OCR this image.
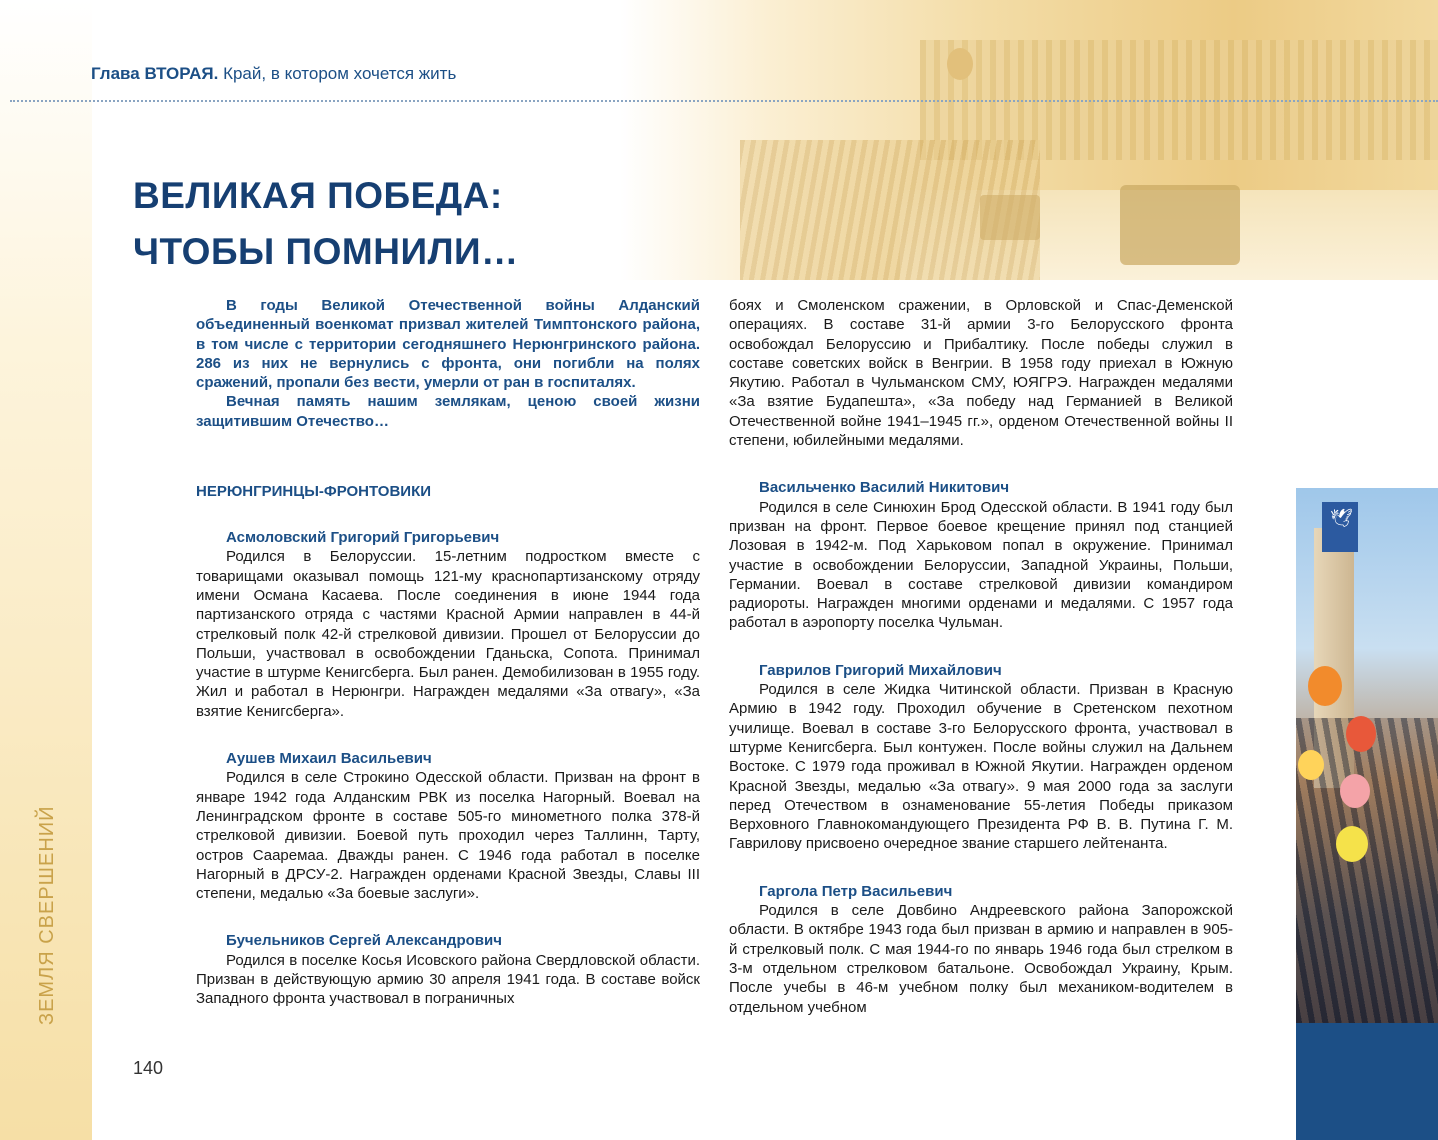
ЗЕМЛЯ СВЕРШЕНИЙ
140
Глава ВТОРАЯ. Край, в котором хочется жить
ВЕЛИКАЯ ПОБЕДА:
ЧТОБЫ ПОМНИЛИ…

В годы Великой Отечественной войны Алданский объединенный военкомат призвал жителей Тимптонского района, в том числе с территории сегодняшнего Нерюнгринского района. 286 из них не вернулись с фронта, они погибли на полях сражений, пропали без вести, умерли от ран в госпиталях.

Вечная память нашим землякам, ценою своей жизни защитившим Отечество…

НЕРЮНГРИНЦЫ-ФРОНТОВИКИ
Асмоловский Григорий Григорьевич

Родился в Белоруссии. 15-летним подростком вместе с товарищами оказывал помощь 121-му краснопартизанскому отряду имени Османа Касаева. После соединения в июне 1944 года партизанского отряда с частями Красной Армии направлен в 44-й стрелковый полк 42-й стрелковой дивизии. Прошел от Белоруссии до Польши, участвовал в освобождении Гданьска, Сопота. Принимал участие в штурме Кенигсберга. Был ранен. Демобилизован в 1955 году. Жил и работал в Нерюнгри. Награжден медалями «За отвагу», «За взятие Кенигсберга».

Аушев Михаил Васильевич

Родился в селе Строкино Одесской области. Призван на фронт в январе 1942 года Алданским РВК из поселка Нагорный. Воевал на Ленинградском фронте в составе 505-го минометного полка 378-й стрелковой дивизии. Боевой путь проходил через Таллинн, Тарту, остров Сааремаа. Дважды ранен. С 1946 года работал в поселке Нагорный в ДРСУ-2. Награжден орденами Красной Звезды, Славы III степени, медалью «За боевые заслуги».

Бучельников Сергей Александрович

Родился в поселке Косья Исовского района Свердловской области. Призван в действующую армию 30 апреля 1941 года. В составе войск Западного фронта участвовал в пограничных

боях и Смоленском сражении, в Орловской и Спас-Деменской операциях. В составе 31-й армии 3-го Белорусского фронта освобождал Белоруссию и Прибалтику. После победы служил в составе советских войск в Венгрии. В 1958 году приехал в Южную Якутию. Работал в Чульманском СМУ, ЮЯГРЭ. Награжден медалями «За взятие Будапешта», «За победу над Германией в Великой Отечественной войне 1941–1945 гг.», орденом Отечественной войны II степени, юбилейными медалями.

Васильченко Василий Никитович

Родился в селе Синюхин Брод Одесской области. В 1941 году был призван на фронт. Первое боевое крещение принял под станцией Лозовая в 1942-м. Под Харьковом попал в окружение. Принимал участие в освобождении Белоруссии, Западной Украины, Польши, Германии. Воевал в составе стрелковой дивизии командиром радиороты. Награжден многими орденами и медалями. С 1957 года работал в аэропорту поселка Чульман.

Гаврилов Григорий Михайлович

Родился в селе Жидка Читинской области. Призван в Красную Армию в 1942 году. Проходил обучение в Сретенском пехотном училище. Воевал в составе 3-го Белорусского фронта, участвовал в штурме Кенигсберга. Был контужен. После войны служил на Дальнем Востоке. С 1979 года проживал в Южной Якутии. Награжден орденом Красной Звезды, медалью «За отвагу». 9 мая 2000 года за заслуги перед Отечеством в ознаменование 55-летия Победы приказом Верховного Главнокомандующего Президента РФ В. В. Путина Г. М. Гаврилову присвоено очередное звание старшего лейтенанта.

Гаргола Петр Васильевич

Родился в селе Довбино Андреевского района Запорожской области. В октябре 1943 года был призван в армию и направлен в 905-й стрелковый полк. С мая 1944-го по январь 1946 года был стрелком в 3-м отдельном стрелковом батальоне. Освобождал Украину, Крым. После учебы в 46-м учебном полку был механиком-водителем в отдельном учебном

🕊
